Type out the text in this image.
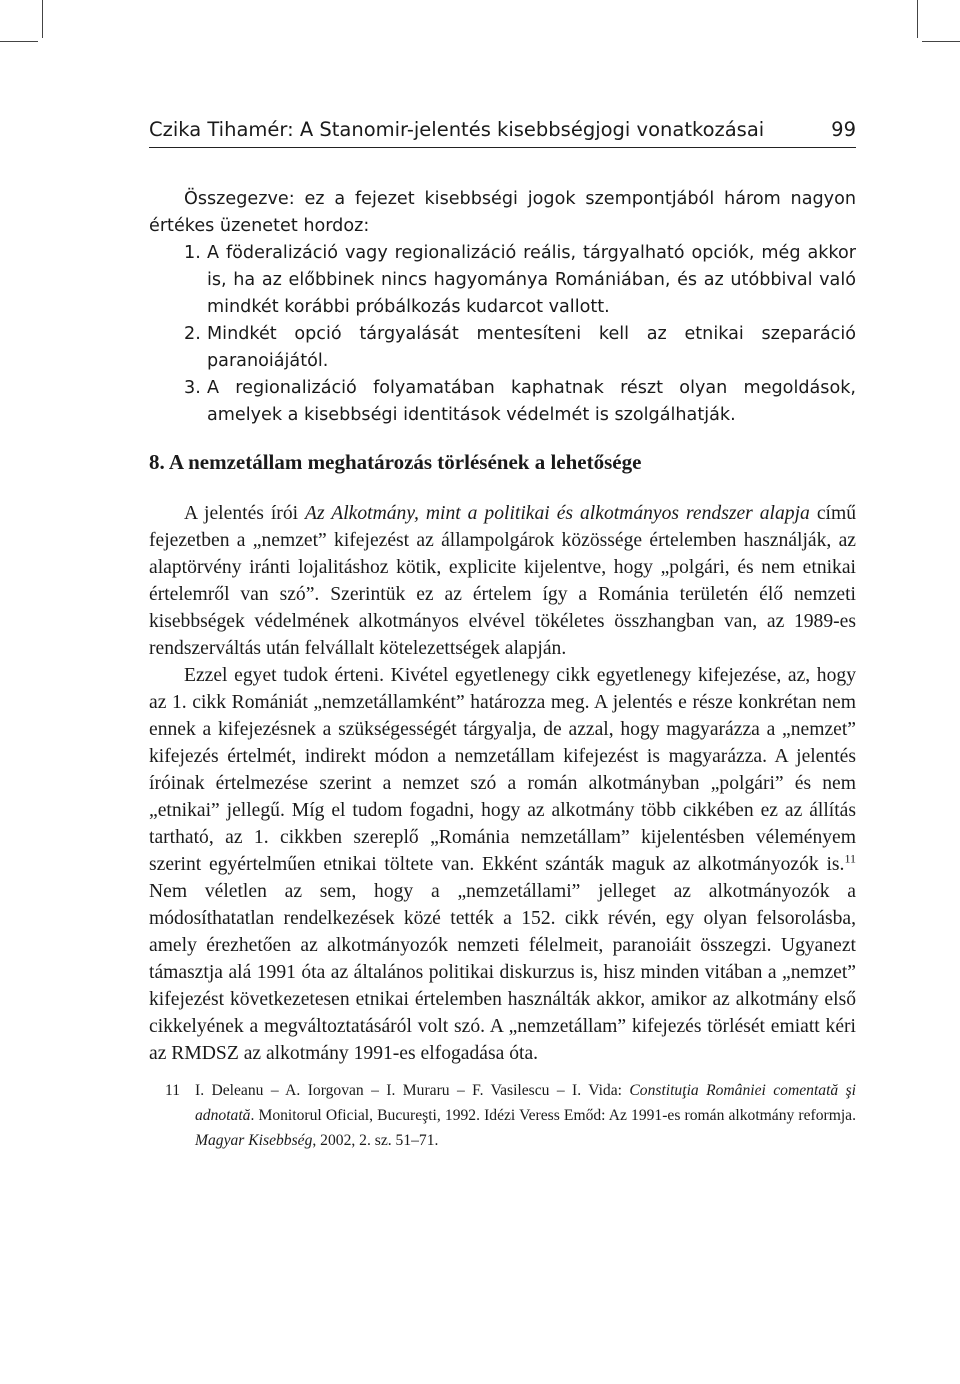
Czika Tihamér: A Stanomir-jelentés kisebbségjogi vonatkozásai	99

Összegezve: ez a fejezet kisebbségi jogok szempontjából három nagyon értékes üzenetet hordoz:

1. A föderalizáció vagy regionalizáció reális, tárgyalható opciók, még akkor is, ha az előbbinek nincs hagyománya Romániában, és az utóbbival való mindkét korábbi próbálkozás kudarcot vallott.
2. Mindkét opció tárgyalását mentesíteni kell az etnikai szeparáció paranoiájától.
3. A regionalizáció folyamatában kaphatnak részt olyan megoldások, amelyek a kisebbségi identitások védelmét is szolgálhatják.
8. A nemzetállam meghatározás törlésének a lehetősége

A jelentés írói Az Alkotmány, mint a politikai és alkotmányos rendszer alapja című fejezetben a „nemzet” kifejezést az állampolgárok közössége értelemben használják, az alaptörvény iránti lojalitáshoz kötik, explicite kijelentve, hogy „polgári, és nem etnikai értelemről van szó”. Szerintük ez az értelem így a Románia területén élő nemzeti kisebbségek védelmének alkotmányos elvével tökéletes összhangban van, az 1989-es rendszerváltás után felvállalt kötelezettségek alapján.

Ezzel egyet tudok érteni. Kivétel egyetlenegy cikk egyetlenegy kifejezése, az, hogy az 1. cikk Romániát „nemzetállamként” határozza meg. A jelentés e része konkrétan nem ennek a kifejezésnek a szükségességét tárgyalja, de azzal, hogy magyarázza a „nemzet” kifejezés értelmét, indirekt módon a nemzetállam kifejezést is magyarázza. A jelentés íróinak értelmezése szerint a nemzet szó a román alkotmányban „polgári” és nem „etnikai” jellegű. Míg el tudom fogadni, hogy az alkotmány több cikkében ez az állítás tartható, az 1. cikkben szereplő „Románia nemzetállam” kijelentésben véleményem szerint egyértelműen etnikai töltete van. Ekként szánták maguk az alkotmányozók is.$^{11}$ Nem véletlen az sem, hogy a „nemzetállami” jelleget az alkotmányozók a módosíthatatlan rendelkezések közé tették a 152. cikk révén, egy olyan felsorolásba, amely érezhetően az alkotmányozók nemzeti félelmeit, paranoiáit összegzi. Ugyanezt támasztja alá 1991 óta az általános politikai diskurzus is, hisz minden vitában a „nemzet” kifejezést következetesen etnikai értelemben használták akkor, amikor az alkotmány első cikkelyének a megváltoztatásáról volt szó. A „nemzetállam” kifejezés törlését emiatt kéri az RMDSZ az alkotmány 1991-es elfogadása óta.

11 I. Deleanu – A. Iorgovan – I. Muraru – F. Vasilescu – I. Vida: Constituţia României comentată şi adnotată. Monitorul Oficial, Bucureşti, 1992. Idézi Veress Emőd: Az 1991-es román alkotmány reformja. Magyar Kisebbség, 2002, 2. sz. 51–71.
